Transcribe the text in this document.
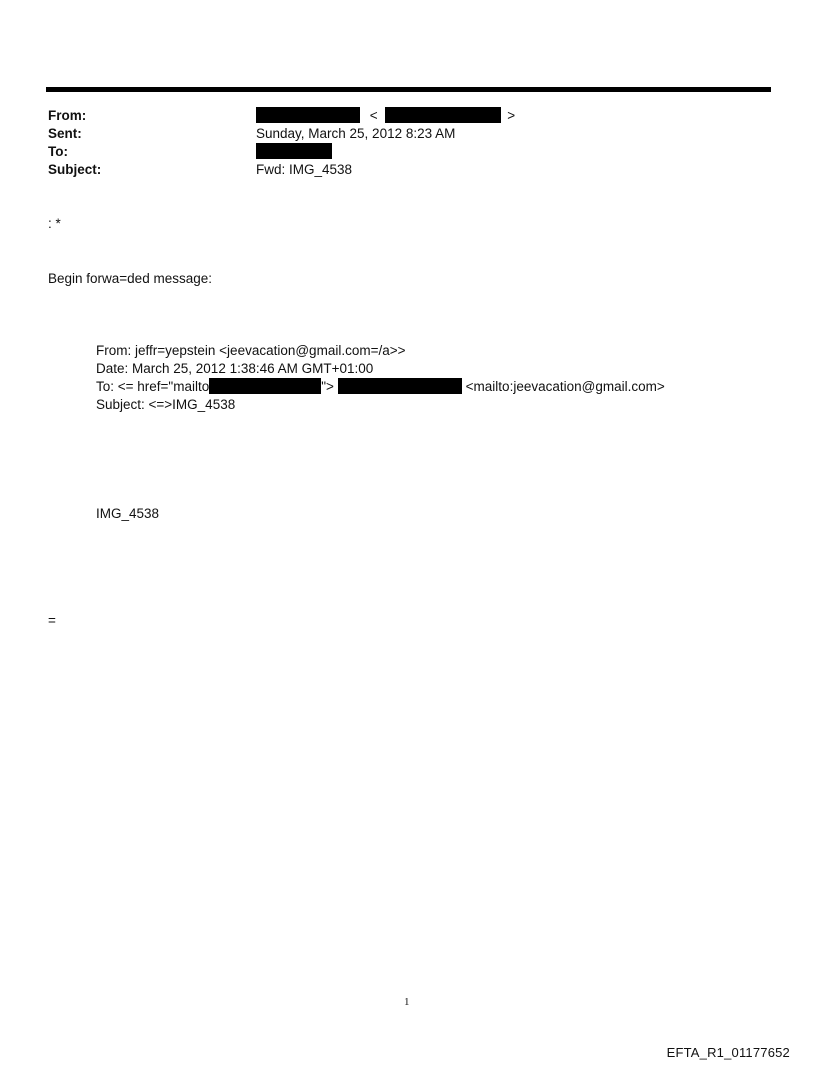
From:	<	>
Sent:	Sunday, March 25, 2012 8:23 AM
To:
Subject:	Fwd: IMG_4538
: *
Begin forwa=ded message:
From: jeffr=yepstein <jeevacation@gmail.com=/a>>
Date: March 25, 2012 1:38:46 AM GMT+01:00
To: <= href="mailto	">	<mailto:jeevacation@gmail.com>
Subject: <=>IMG_4538
IMG_4538
=
1
EFTA_R1_01177652
